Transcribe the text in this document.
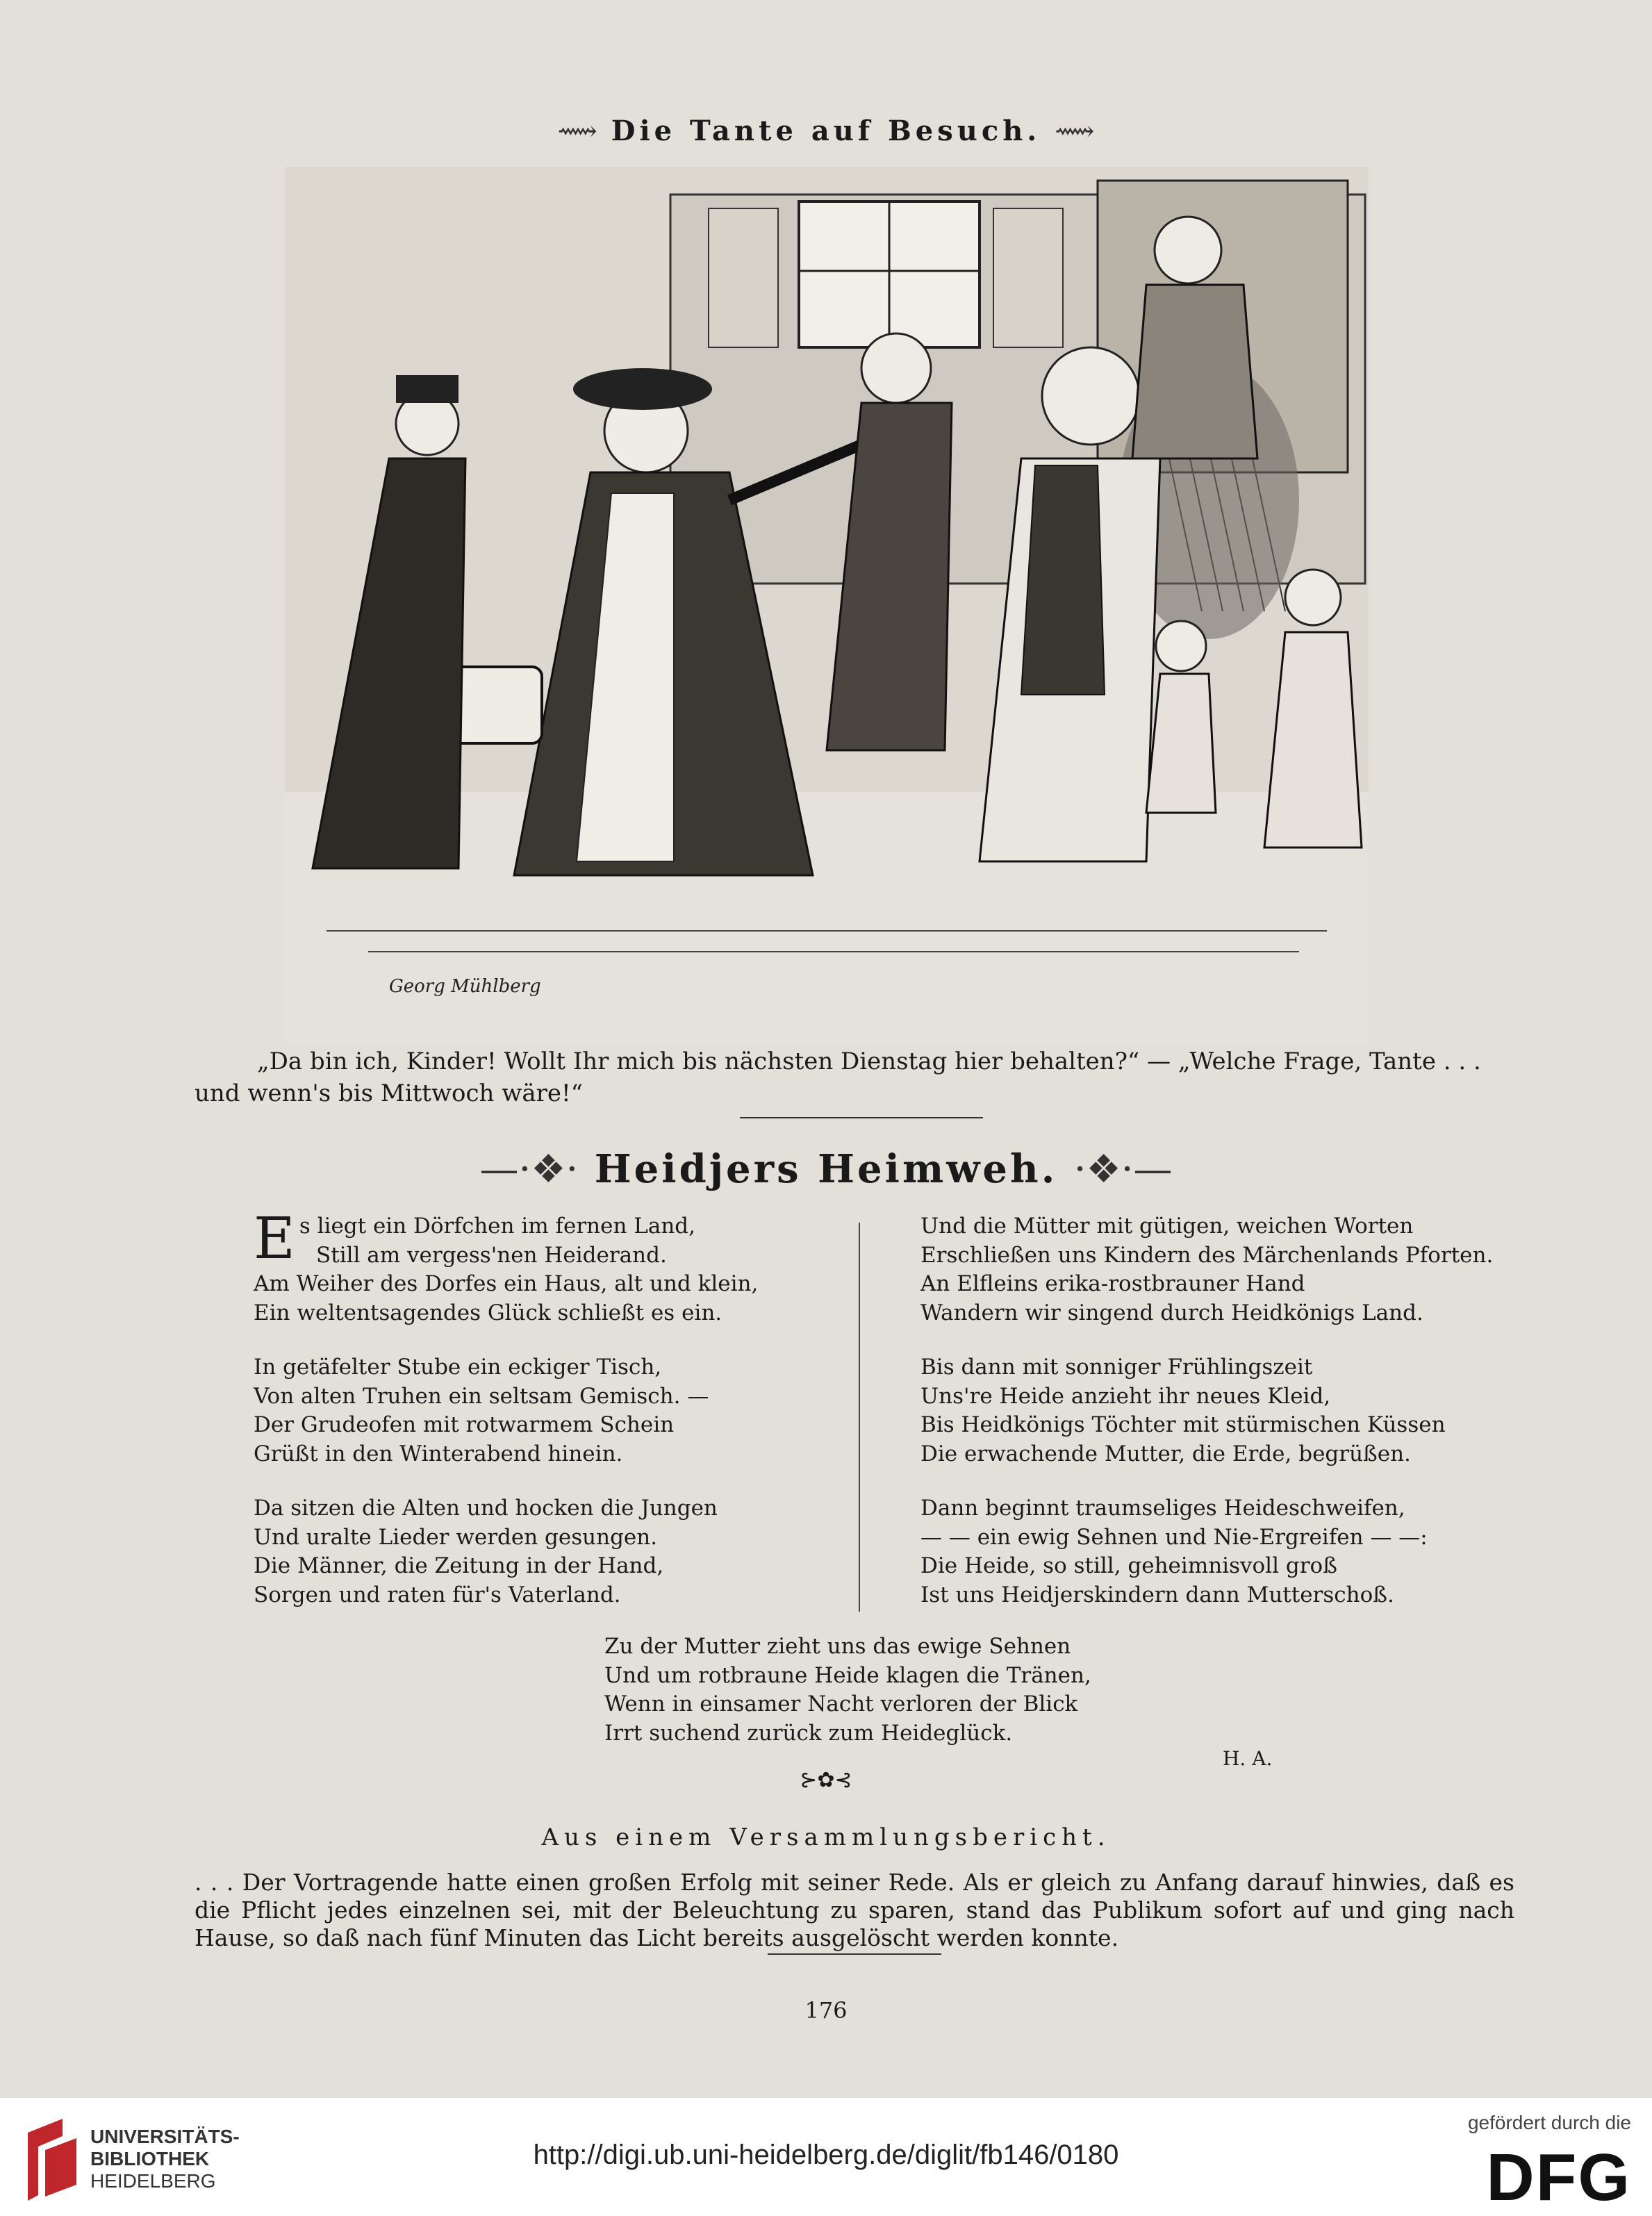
⟿ Die Tante auf Besuch. ⟿
Georg Mühlberg
„Da bin ich, Kinder! Wollt Ihr mich bis nächsten Dienstag hier behalten?“ — „Welche Frage, Tante . . .
und wenn's bis Mittwoch wäre!“
—·❖· Heidjers Heimweh. ·❖·—
E s liegt ein Dörfchen im fernen Land,
Still am vergess'nen Heiderand.
Am Weiher des Dorfes ein Haus, alt und klein,
Ein weltentsagendes Glück schließt es ein.
In getäfelter Stube ein eckiger Tisch,
Von alten Truhen ein seltsam Gemisch. —
Der Grudeofen mit rotwarmem Schein
Grüßt in den Winterabend hinein.
Da sitzen die Alten und hocken die Jungen
Und uralte Lieder werden gesungen.
Die Männer, die Zeitung in der Hand,
Sorgen und raten für's Vaterland.
Und die Mütter mit gütigen, weichen Worten
Erschließen uns Kindern des Märchenlands Pforten.
An Elfleins erika-rostbrauner Hand
Wandern wir singend durch Heidkönigs Land.
Bis dann mit sonniger Frühlingszeit
Uns're Heide anzieht ihr neues Kleid,
Bis Heidkönigs Töchter mit stürmischen Küssen
Die erwachende Mutter, die Erde, begrüßen.
Dann beginnt traumseliges Heideschweifen,
— — ein ewig Sehnen und Nie-Ergreifen — —:
Die Heide, so still, geheimnisvoll groß
Ist uns Heidjerskindern dann Mutterschoß.
Zu der Mutter zieht uns das ewige Sehnen
Und um rotbraune Heide klagen die Tränen,
Wenn in einsamer Nacht verloren der Blick
Irrt suchend zurück zum Heideglück.
H. A.
⊱✿⊰
Aus einem Versammlungsbericht.
. . . Der Vortragende hatte einen großen Erfolg mit seiner Rede. Als er gleich zu Anfang darauf hinwies, daß es die Pflicht jedes einzelnen sei, mit der Beleuchtung zu sparen, stand das Publikum sofort auf und ging nach Hause, so daß nach fünf Minuten das Licht bereits ausgelöscht werden konnte.
176
UNIVERSITÄTS-
BIBLIOTHEK
HEIDELBERG
http://digi.ub.uni-heidelberg.de/diglit/fb146/0180
gefördert durch die
DFG
